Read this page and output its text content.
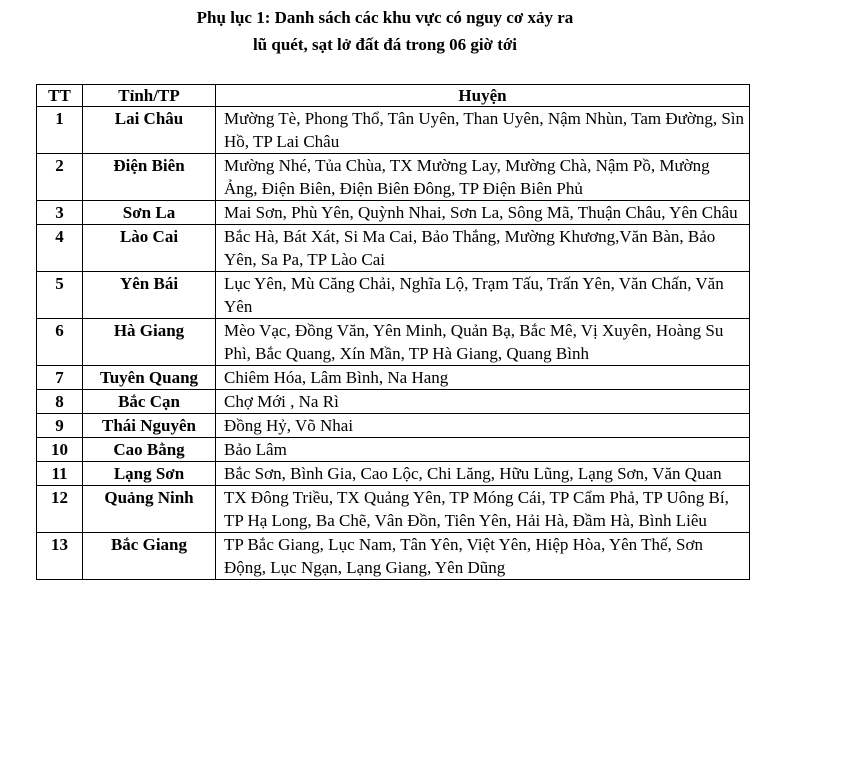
Phụ lục 1: Danh sách các khu vực có nguy cơ xảy ra
lũ quét, sạt lở đất đá trong 06 giờ tới
TT	Tỉnh/TP	Huyện
1	Lai Châu	Mường Tè, Phong Thổ, Tân Uyên, Than Uyên, Nậm Nhùn, Tam Đường, Sìn Hồ, TP Lai Châu
2	Điện Biên	Mường Nhé, Tủa Chùa, TX Mường Lay, Mường Chà, Nậm Pồ, Mường Ảng, Điện Biên, Điện Biên Đông, TP Điện Biên Phủ
3	Sơn La	Mai Sơn, Phù Yên, Quỳnh Nhai, Sơn La, Sông Mã, Thuận Châu, Yên Châu
4	Lào Cai	Bắc Hà, Bát Xát, Si Ma Cai, Bảo Thắng, Mường Khương,Văn Bàn, Bảo Yên, Sa Pa, TP Lào Cai
5	Yên Bái	Lục Yên, Mù Căng Chải, Nghĩa Lộ, Trạm Tấu, Trấn Yên, Văn Chấn, Văn Yên
6	Hà Giang	Mèo Vạc, Đồng Văn, Yên Minh, Quản Bạ, Bắc Mê, Vị Xuyên, Hoàng Su Phì, Bắc Quang, Xín Mần, TP Hà Giang, Quang Bình
7	Tuyên Quang	Chiêm Hóa, Lâm Bình, Na Hang
8	Bắc Cạn	Chợ Mới , Na Rì
9	Thái Nguyên	Đồng Hỷ, Võ Nhai
10	Cao Bằng	Bảo Lâm
11	Lạng Sơn	Bắc Sơn, Bình Gia, Cao Lộc, Chi Lăng, Hữu Lũng, Lạng Sơn, Văn Quan
12	Quảng Ninh	TX Đông Triều, TX Quảng Yên, TP Móng Cái, TP Cẩm Phả, TP Uông Bí, TP Hạ Long, Ba Chẽ, Vân Đồn, Tiên Yên, Hải Hà, Đầm Hà, Bình Liêu
13	Bắc Giang	TP Bắc Giang, Lục Nam, Tân Yên, Việt Yên, Hiệp Hòa, Yên Thế, Sơn Động, Lục Ngạn, Lạng Giang, Yên Dũng
